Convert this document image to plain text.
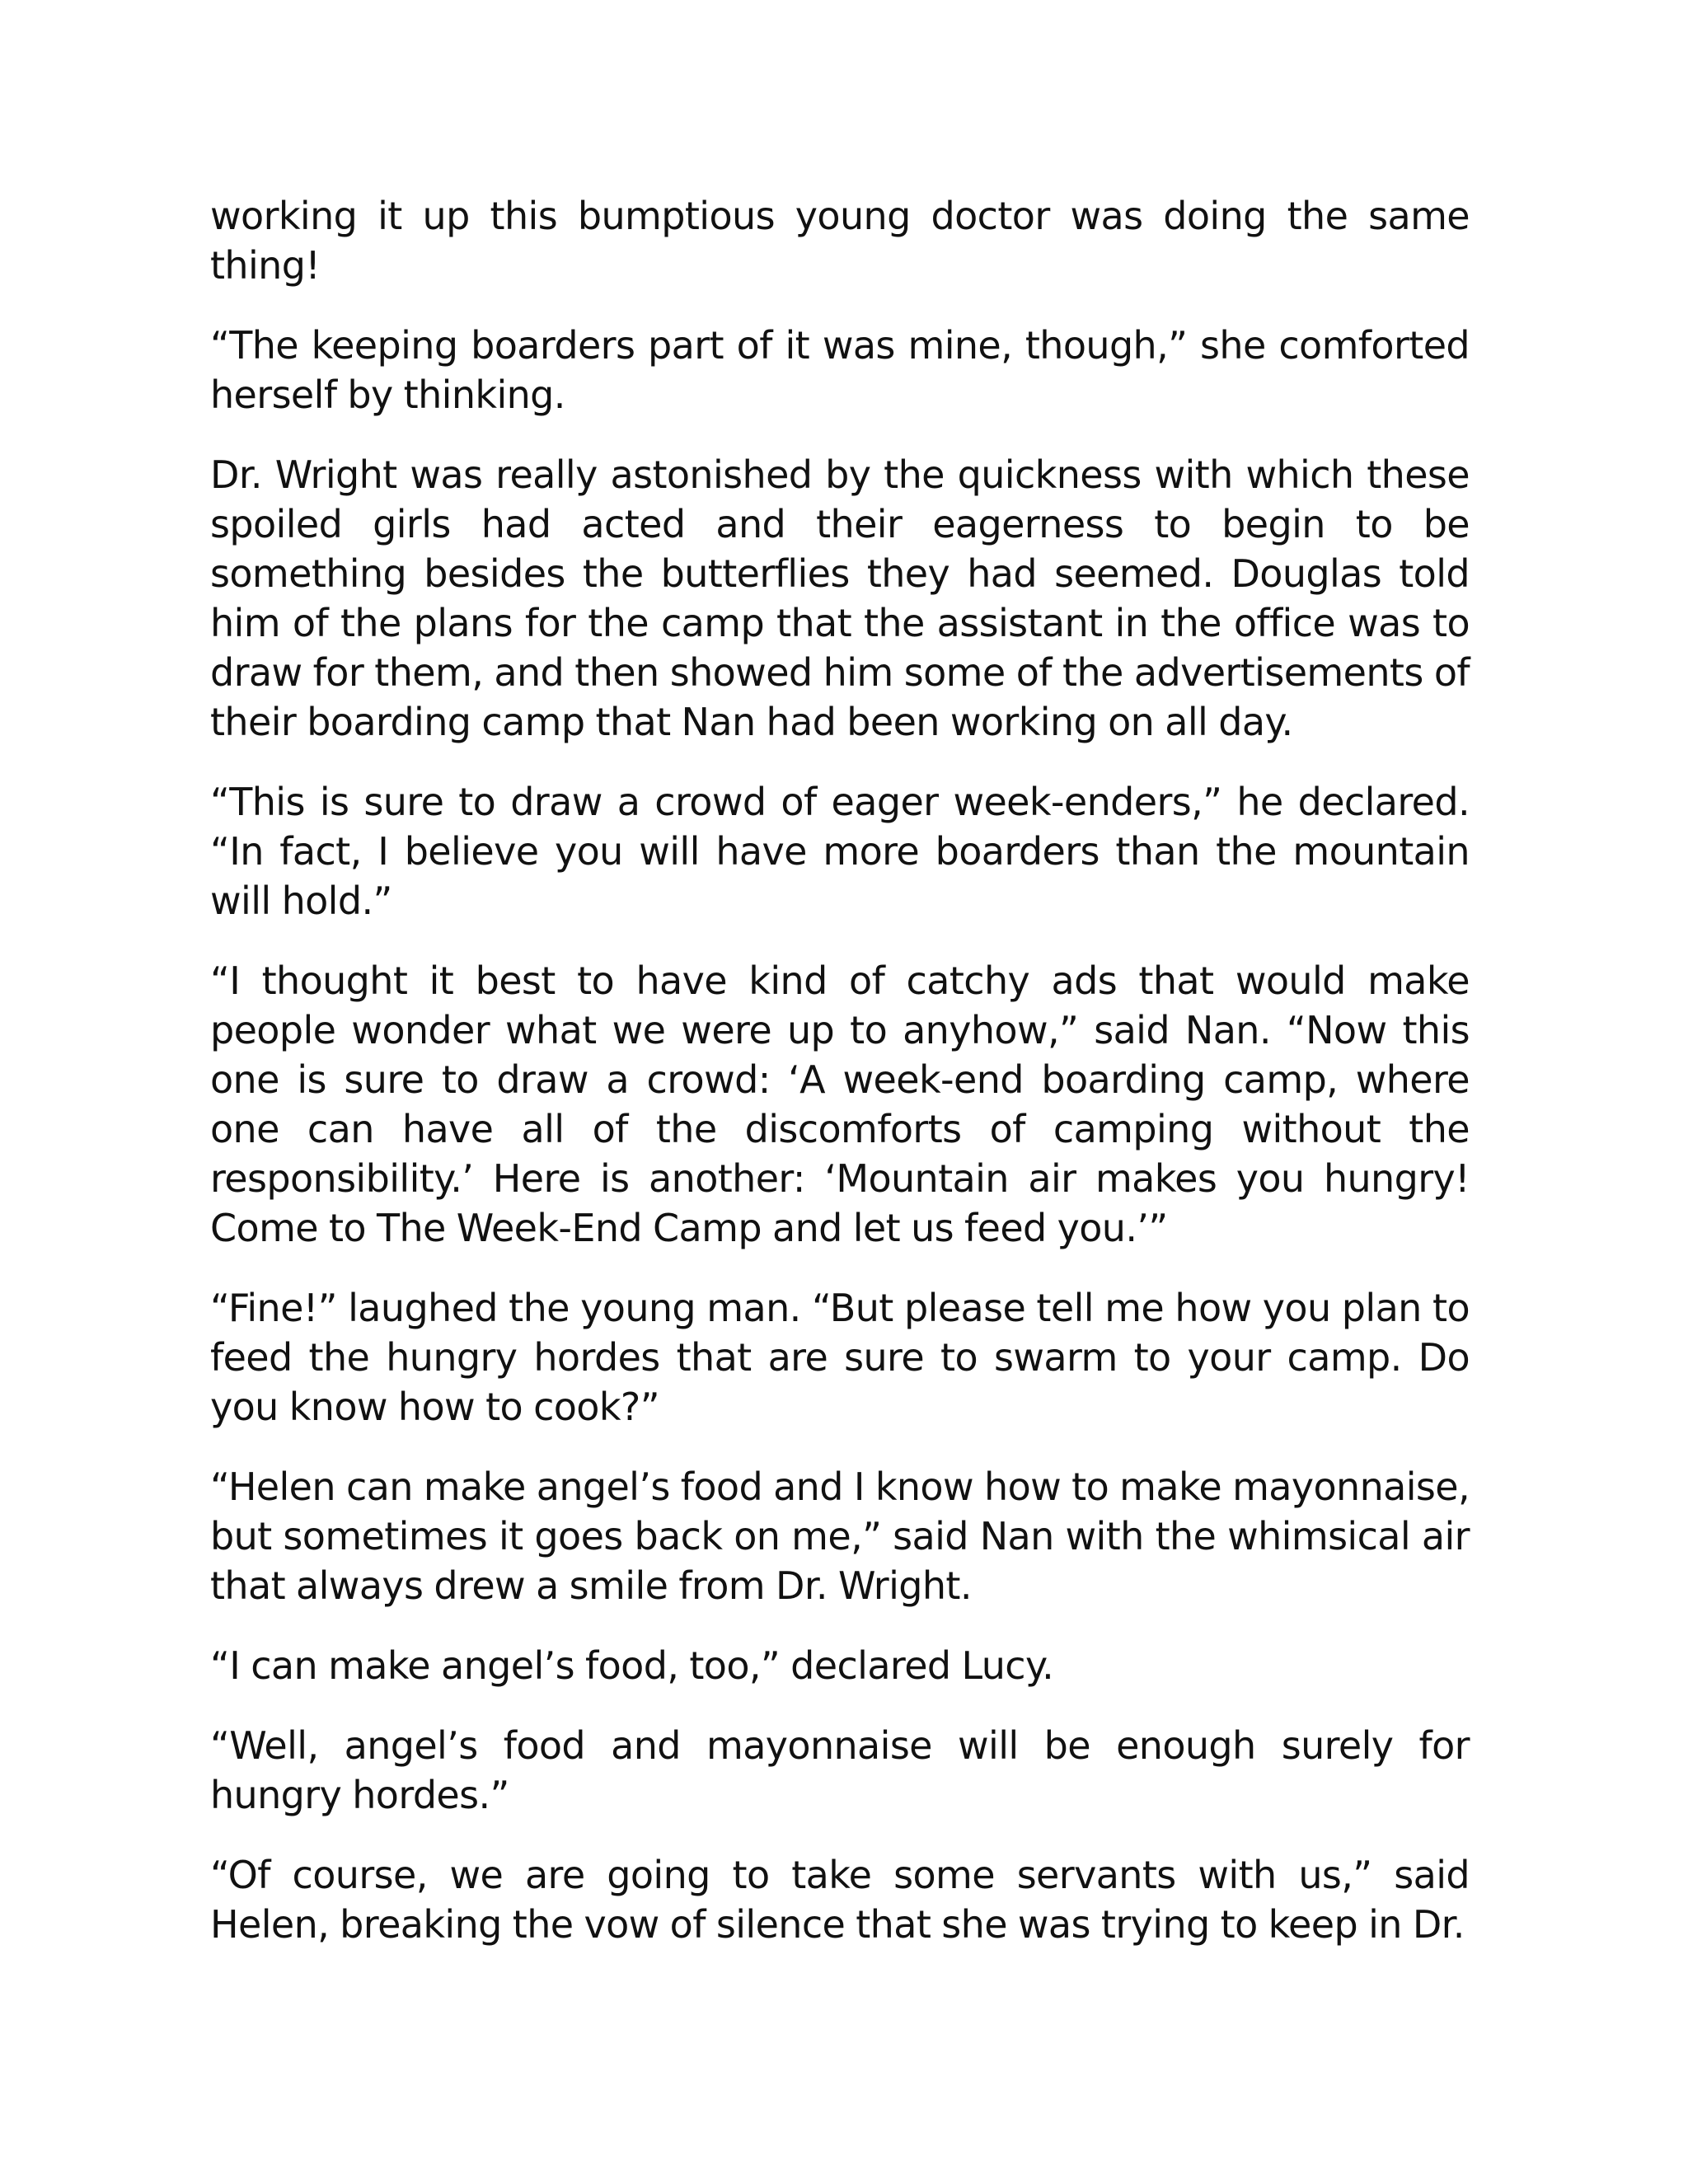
working it up this bumptious young doctor was doing the same thing!

“The keeping boarders part of it was mine, though,” she comforted herself by thinking.

Dr. Wright was really astonished by the quickness with which these spoiled girls had acted and their eagerness to begin to be something besides the butterflies they had seemed. Douglas told him of the plans for the camp that the assistant in the office was to draw for them, and then showed him some of the advertisements of their boarding camp that Nan had been working on all day.

“This is sure to draw a crowd of eager week-enders,” he declared. “In fact, I believe you will have more boarders than the mountain will hold.”

“I thought it best to have kind of catchy ads that would make people wonder what we were up to anyhow,” said Nan. “Now this one is sure to draw a crowd: ‘A week-end boarding camp, where one can have all of the discomforts of camping without the responsibility.’ Here is another: ‘Mountain air makes you hungry! Come to The Week-End Camp and let us feed you.’”

“Fine!” laughed the young man. “But please tell me how you plan to feed the hungry hordes that are sure to swarm to your camp. Do you know how to cook?”

“Helen can make angel’s food and I know how to make mayonnaise, but sometimes it goes back on me,” said Nan with the whimsical air that always drew a smile from Dr. Wright.

“I can make angel’s food, too,” declared Lucy.

“Well, angel’s food and mayonnaise will be enough surely for hungry hordes.”

“Of course, we are going to take some servants with us,” said Helen, breaking the vow of silence that she was trying to keep in Dr.
